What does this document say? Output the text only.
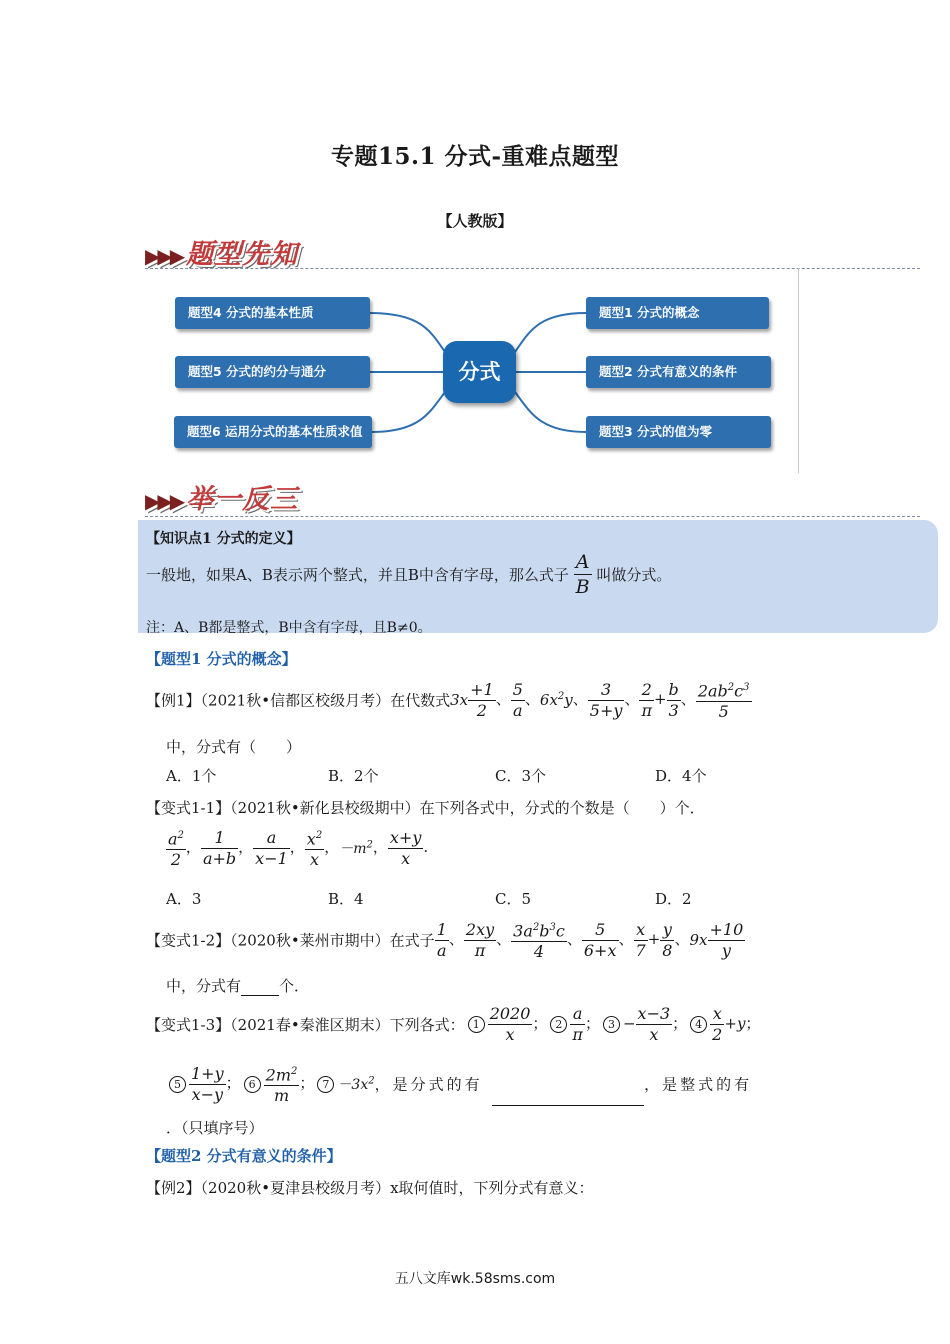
专题15.1 分式-重难点题型
【人教版】
▶▶▶ 题型先知
题型4 分式的基本性质
题型5 分式的约分与通分
题型6 运用分式的基本性质求值
分式
题型1 分式的概念
题型2 分式有意义的条件
题型3 分式的值为零
▶▶▶ 举一反三
【知识点1 分式的定义】
一般地，如果A、B表示两个整式，并且B中含有字母，那么式子 $\frac{A}{B}$ 叫做分式。
注：A、B都是整式，B中含有字母，且B≠0。
【题型1 分式的概念】
【例1】（2021秋•信都区校级月考）在代数式$3x \frac{+1}{2}$ 、 $\frac{5}{a}$ 、$6x^2y$、 $\frac{3}{5+y}$ 、 $\frac{2}{\pi} + \frac{b}{3}$ 、 $\frac{2ab^2c^3}{5}$
中，分式有（　　）
A．1个	B．2个	C．3个	D．4个
【变式1-1】（2021秋•新化县校级期中）在下列各式中，分式的个数是（　　）个．
$\frac{a^2}{2}$ ， $\frac{1}{a+b}$ ， $\frac{a}{x-1}$ ， $\frac{x^2}{x}$ ，$-m^2$， $\frac{x+y}{x}$ .
A．3	B．4	C．5	D．2
【变式1-2】（2020秋•莱州市期中）在式子 $\frac{1}{a}$ 、 $\frac{2xy}{\pi}$ 、 $\frac{3a^2b^3c}{4}$ 、 $\frac{5}{6+x}$ 、 $\frac{x}{7} + \frac{y}{8}$ 、$9x \frac{+10}{y}$
中，分式有	个．
【变式1-3】（2021春•秦淮区期末）下列各式： $1 \frac{2020}{x}$ ； $2 \frac{a}{\pi}$ ； $3 - \frac{x-3}{x}$ ； $4 \frac{x}{2} +y$；
$5 \frac{1+y}{x-y}$ ； $6 \frac{2m^2}{m}$ ； $7 -3x^2$，是分式的有	，是整式的有
．（只填序号）
【题型2 分式有意义的条件】
【例2】（2020秋•夏津县校级月考）x取何值时，下列分式有意义：
五八文库wk.58sms.com
